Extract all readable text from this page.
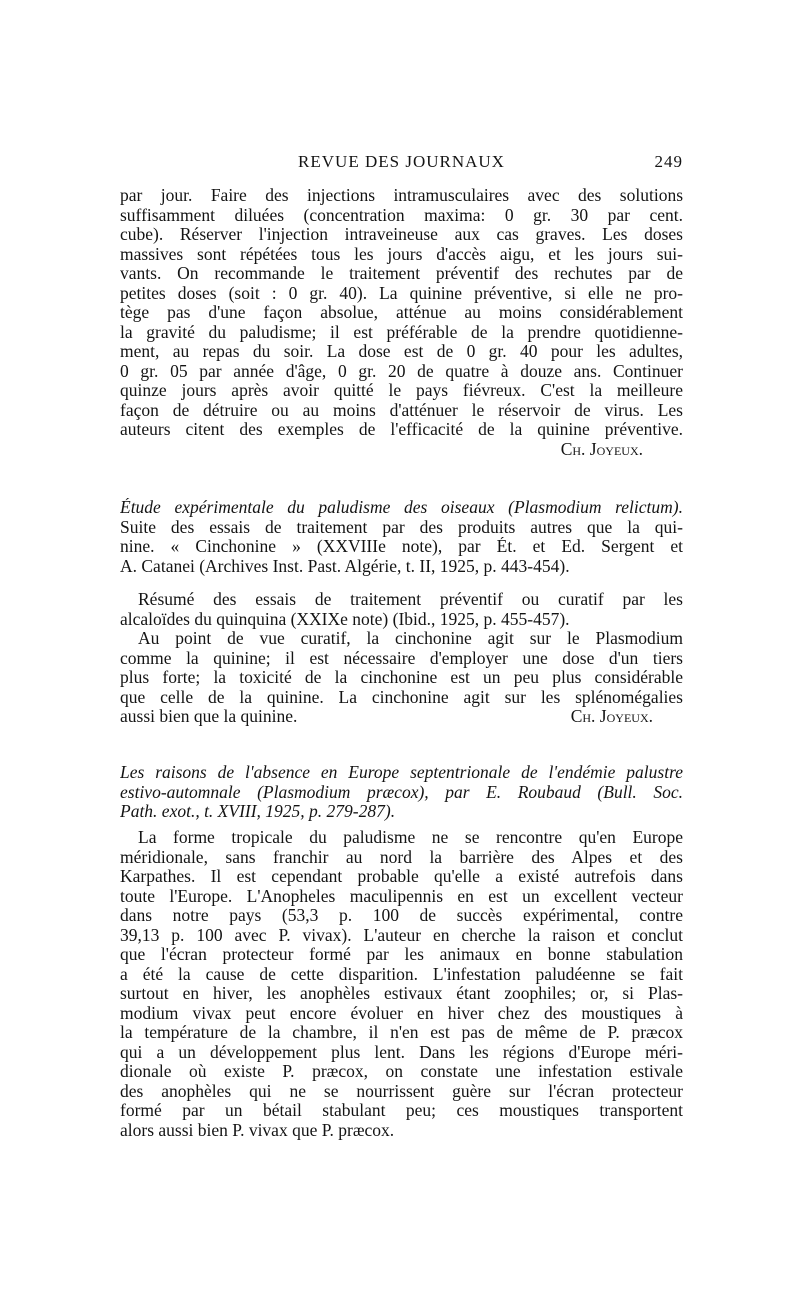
REVUE DES JOURNAUX	249
par jour. Faire des injections intramusculaires avec des solutions
suffisamment diluées (concentration maxima: 0 gr. 30 par cent.
cube). Réserver l'injection intraveineuse aux cas graves. Les doses
massives sont répétées tous les jours d'accès aigu, et les jours sui-
vants. On recommande le traitement préventif des rechutes par de
petites doses (soit : 0 gr. 40). La quinine préventive, si elle ne pro-
tège pas d'une façon absolue, atténue au moins considérablement
la gravité du paludisme; il est préférable de la prendre quotidienne-
ment, au repas du soir. La dose est de 0 gr. 40 pour les adultes,
0 gr. 05 par année d'âge, 0 gr. 20 de quatre à douze ans. Continuer
quinze jours après avoir quitté le pays fiévreux. C'est la meilleure
façon de détruire ou au moins d'atténuer le réservoir de virus. Les
auteurs citent des exemples de l'efficacité de la quinine préventive.
Ch. Joyeux.
Étude expérimentale du paludisme des oiseaux (Plasmodium relictum).
Suite des essais de traitement par des produits autres que la qui-
nine. « Cinchonine » (XXVIIIe note), par Ét. et Ed. Sergent et
A. Catanei (Archives Inst. Past. Algérie, t. II, 1925, p. 443-454).
Résumé des essais de traitement préventif ou curatif par les
alcaloïdes du quinquina (XXIXe note) (Ibid., 1925, p. 455-457).
Au point de vue curatif, la cinchonine agit sur le Plasmodium
comme la quinine; il est nécessaire d'employer une dose d'un tiers
plus forte; la toxicité de la cinchonine est un peu plus considérable
que celle de la quinine. La cinchonine agit sur les splénomégalies
aussi bien que la quinine.	Ch. Joyeux.
Les raisons de l'absence en Europe septentrionale de l'endémie palustre
estivo-automnale (Plasmodium præcox), par E. Roubaud (Bull. Soc.
Path. exot., t. XVIII, 1925, p. 279-287).
La forme tropicale du paludisme ne se rencontre qu'en Europe
méridionale, sans franchir au nord la barrière des Alpes et des
Karpathes. Il est cependant probable qu'elle a existé autrefois dans
toute l'Europe. L'Anopheles maculipennis en est un excellent vecteur
dans notre pays (53,3 p. 100 de succès expérimental, contre
39,13 p. 100 avec P. vivax). L'auteur en cherche la raison et conclut
que l'écran protecteur formé par les animaux en bonne stabulation
a été la cause de cette disparition. L'infestation paludéenne se fait
surtout en hiver, les anophèles estivaux étant zoophiles; or, si Plas-
modium vivax peut encore évoluer en hiver chez des moustiques à
la température de la chambre, il n'en est pas de même de P. præcox
qui a un développement plus lent. Dans les régions d'Europe méri-
dionale où existe P. præcox, on constate une infestation estivale
des anophèles qui ne se nourrissent guère sur l'écran protecteur
formé par un bétail stabulant peu; ces moustiques transportent
alors aussi bien P. vivax que P. præcox.
